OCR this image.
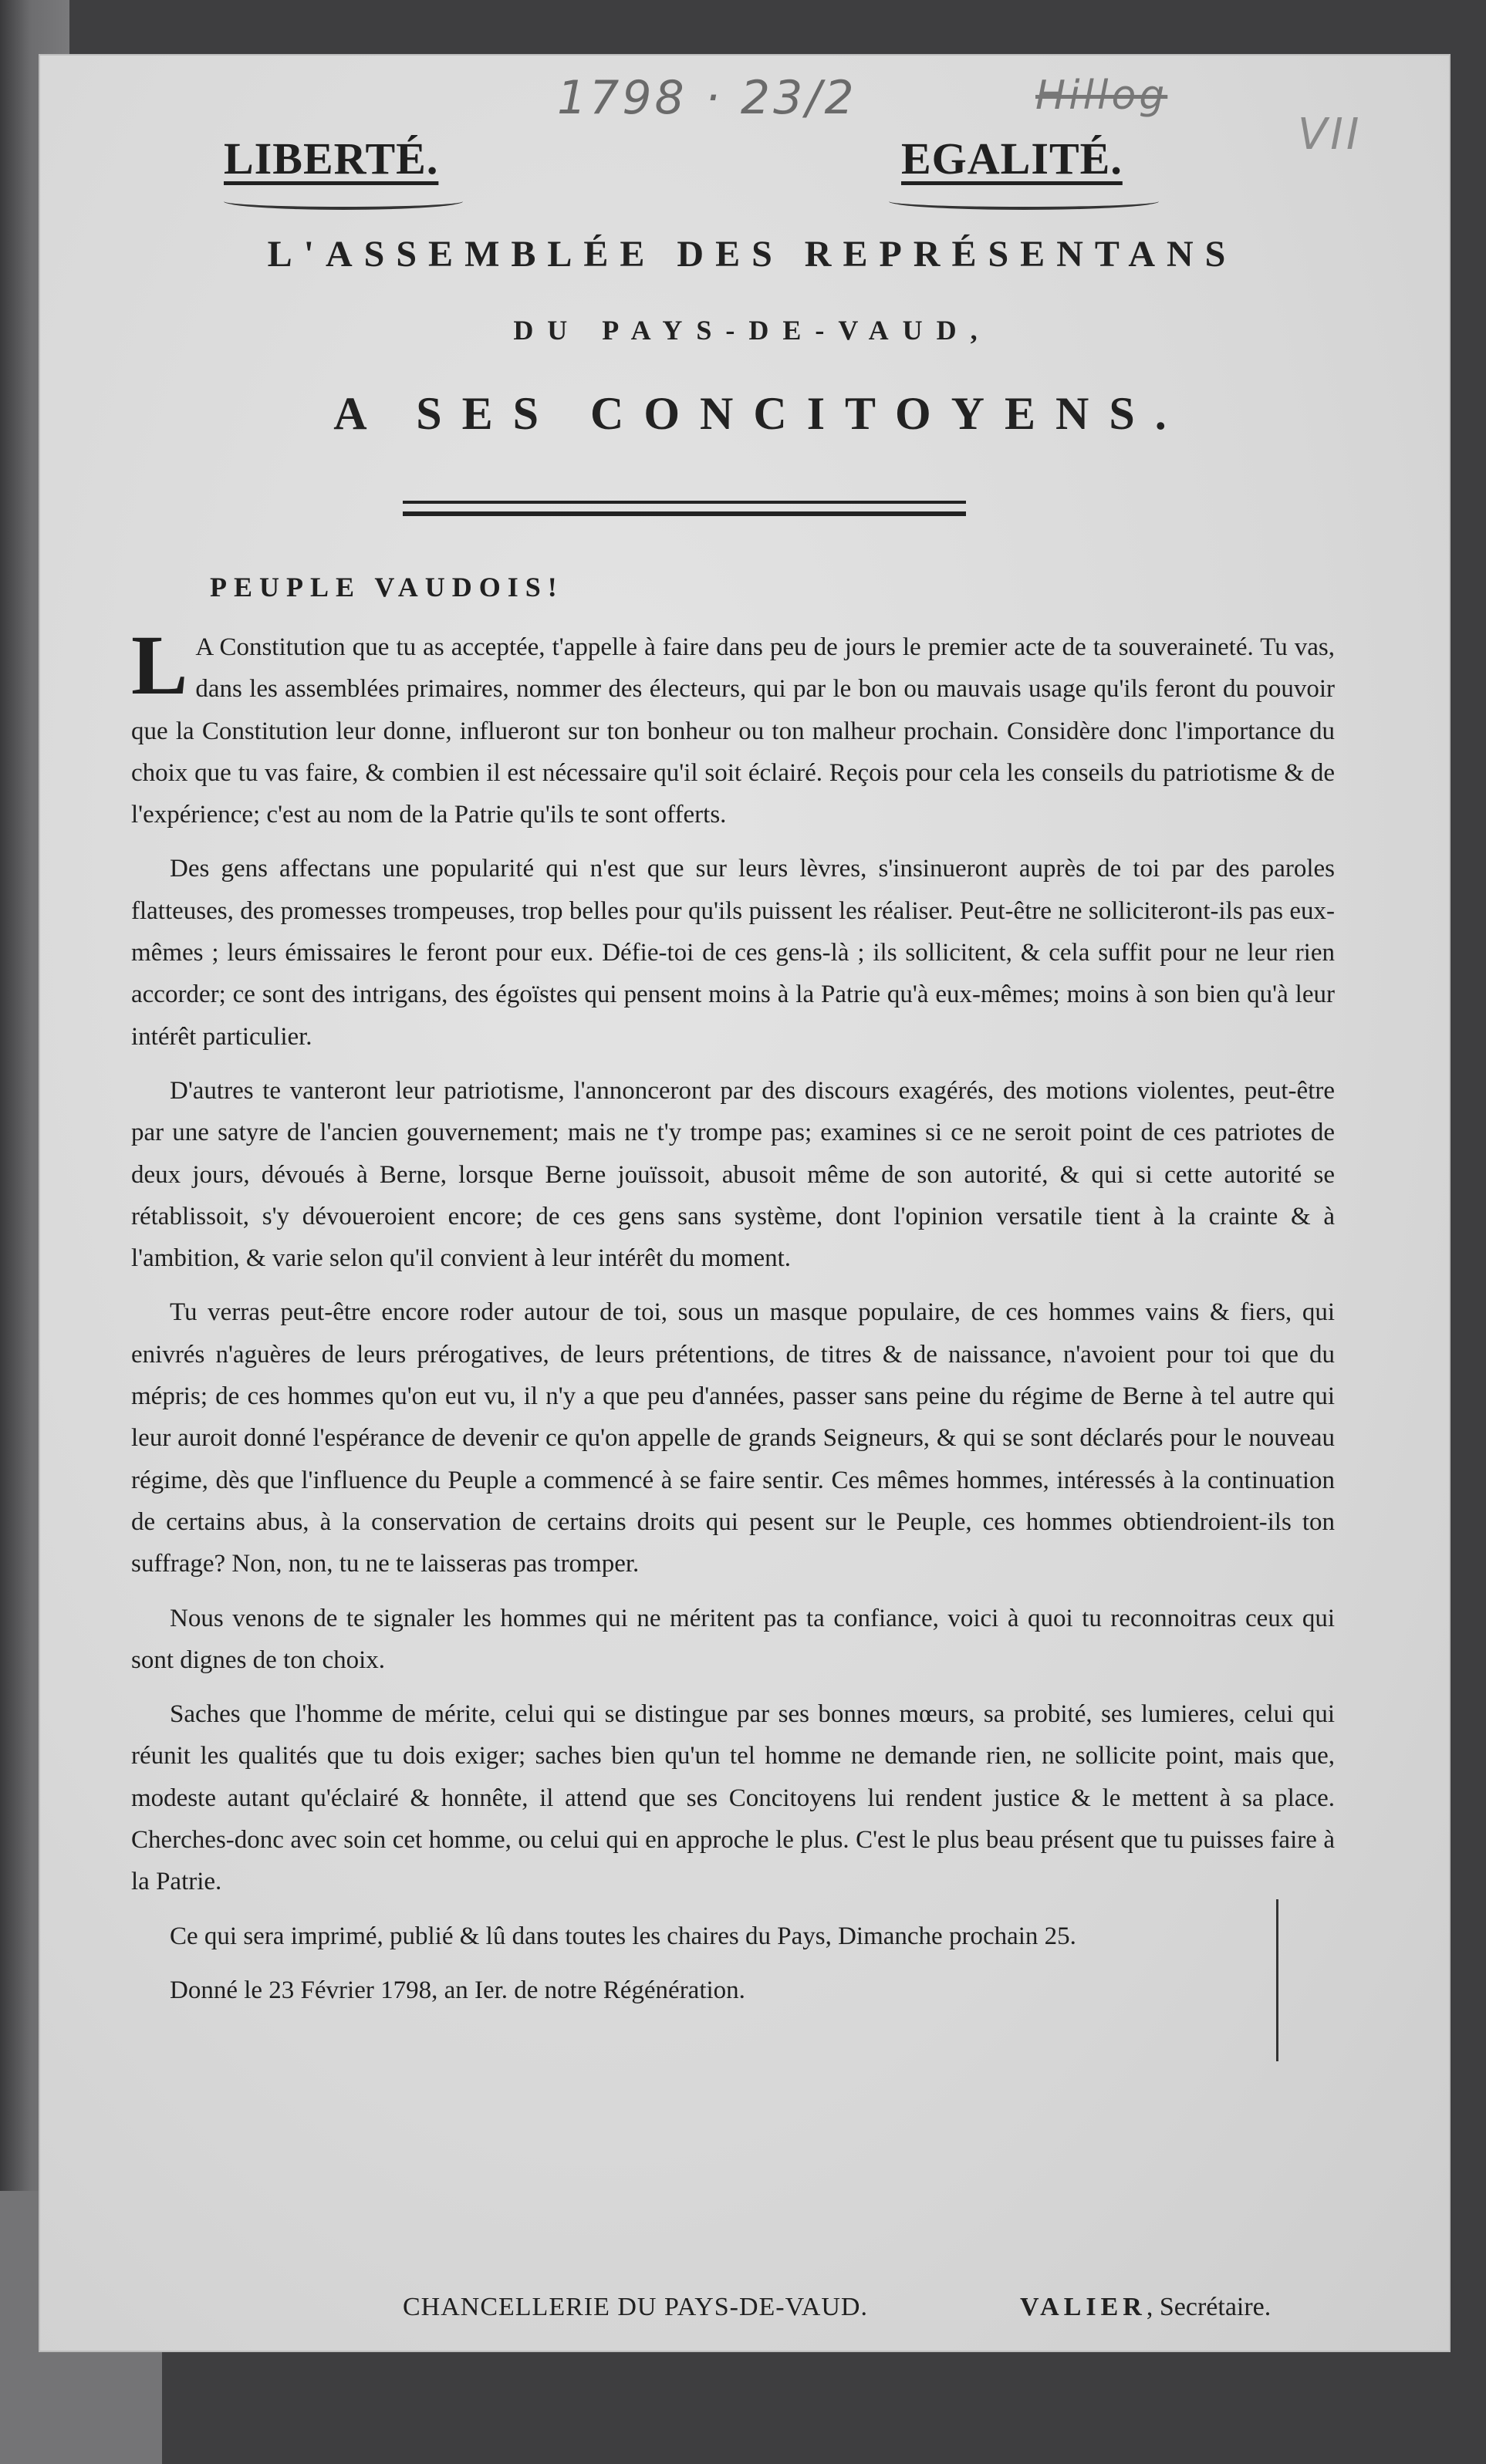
1798 · 23/2	Hillog
VII
LIBERTÉ.	EGALITÉ.
L'ASSEMBLÉE DES REPRÉSENTANS
DU PAYS-DE-VAUD,
A SES CONCITOYENS.
PEUPLE VAUDOIS!

LA Constitution que tu as acceptée, t'appelle à faire dans peu de jours le premier acte de ta souveraineté. Tu vas, dans les assemblées primaires, nommer des électeurs, qui par le bon ou mauvais usage qu'ils feront du pouvoir que la Constitution leur donne, influeront sur ton bonheur ou ton malheur prochain. Considère donc l'importance du choix que tu vas faire, & combien il est nécessaire qu'il soit éclairé. Reçois pour cela les conseils du patriotisme & de l'expérience; c'est au nom de la Patrie qu'ils te sont offerts.

Des gens affectans une popularité qui n'est que sur leurs lèvres, s'insinueront auprès de toi par des paroles flatteuses, des promesses trompeuses, trop belles pour qu'ils puissent les réaliser. Peut-être ne solliciteront-ils pas eux-mêmes ; leurs émissaires le feront pour eux. Défie-toi de ces gens-là ; ils sollicitent, & cela suffit pour ne leur rien accorder; ce sont des intrigans, des égoïstes qui pensent moins à la Patrie qu'à eux-mêmes; moins à son bien qu'à leur intérêt particulier.

D'autres te vanteront leur patriotisme, l'annonceront par des discours exagérés, des motions violentes, peut-être par une satyre de l'ancien gouvernement; mais ne t'y trompe pas; examines si ce ne seroit point de ces patriotes de deux jours, dévoués à Berne, lorsque Berne jouïssoit, abusoit même de son autorité, & qui si cette autorité se rétablissoit, s'y dévoueroient encore; de ces gens sans système, dont l'opinion versatile tient à la crainte & à l'ambition, & varie selon qu'il convient à leur intérêt du moment.

Tu verras peut-être encore roder autour de toi, sous un masque populaire, de ces hommes vains & fiers, qui enivrés n'aguères de leurs prérogatives, de leurs prétentions, de titres & de naissance, n'avoient pour toi que du mépris; de ces hommes qu'on eut vu, il n'y a que peu d'années, passer sans peine du régime de Berne à tel autre qui leur auroit donné l'espérance de devenir ce qu'on appelle de grands Seigneurs, & qui se sont déclarés pour le nouveau régime, dès que l'influence du Peuple a commencé à se faire sentir. Ces mêmes hommes, intéressés à la continuation de certains abus, à la conservation de certains droits qui pesent sur le Peuple, ces hommes obtiendroient-ils ton suffrage? Non, non, tu ne te laisseras pas tromper.

Nous venons de te signaler les hommes qui ne méritent pas ta confiance, voici à quoi tu reconnoitras ceux qui sont dignes de ton choix.

Saches que l'homme de mérite, celui qui se distingue par ses bonnes mœurs, sa probité, ses lumieres, celui qui réunit les qualités que tu dois exiger; saches bien qu'un tel homme ne demande rien, ne sollicite point, mais que, modeste autant qu'éclairé & honnête, il attend que ses Concitoyens lui rendent justice & le mettent à sa place. Cherches-donc avec soin cet homme, ou celui qui en approche le plus. C'est le plus beau présent que tu puisses faire à la Patrie.

Ce qui sera imprimé, publié & lû dans toutes les chaires du Pays, Dimanche prochain 25.

Donné le 23 Février 1798, an Ier. de notre Régénération.

CHANCELLERIE DU PAYS-DE-VAUD.	VALIER, Secrétaire.
